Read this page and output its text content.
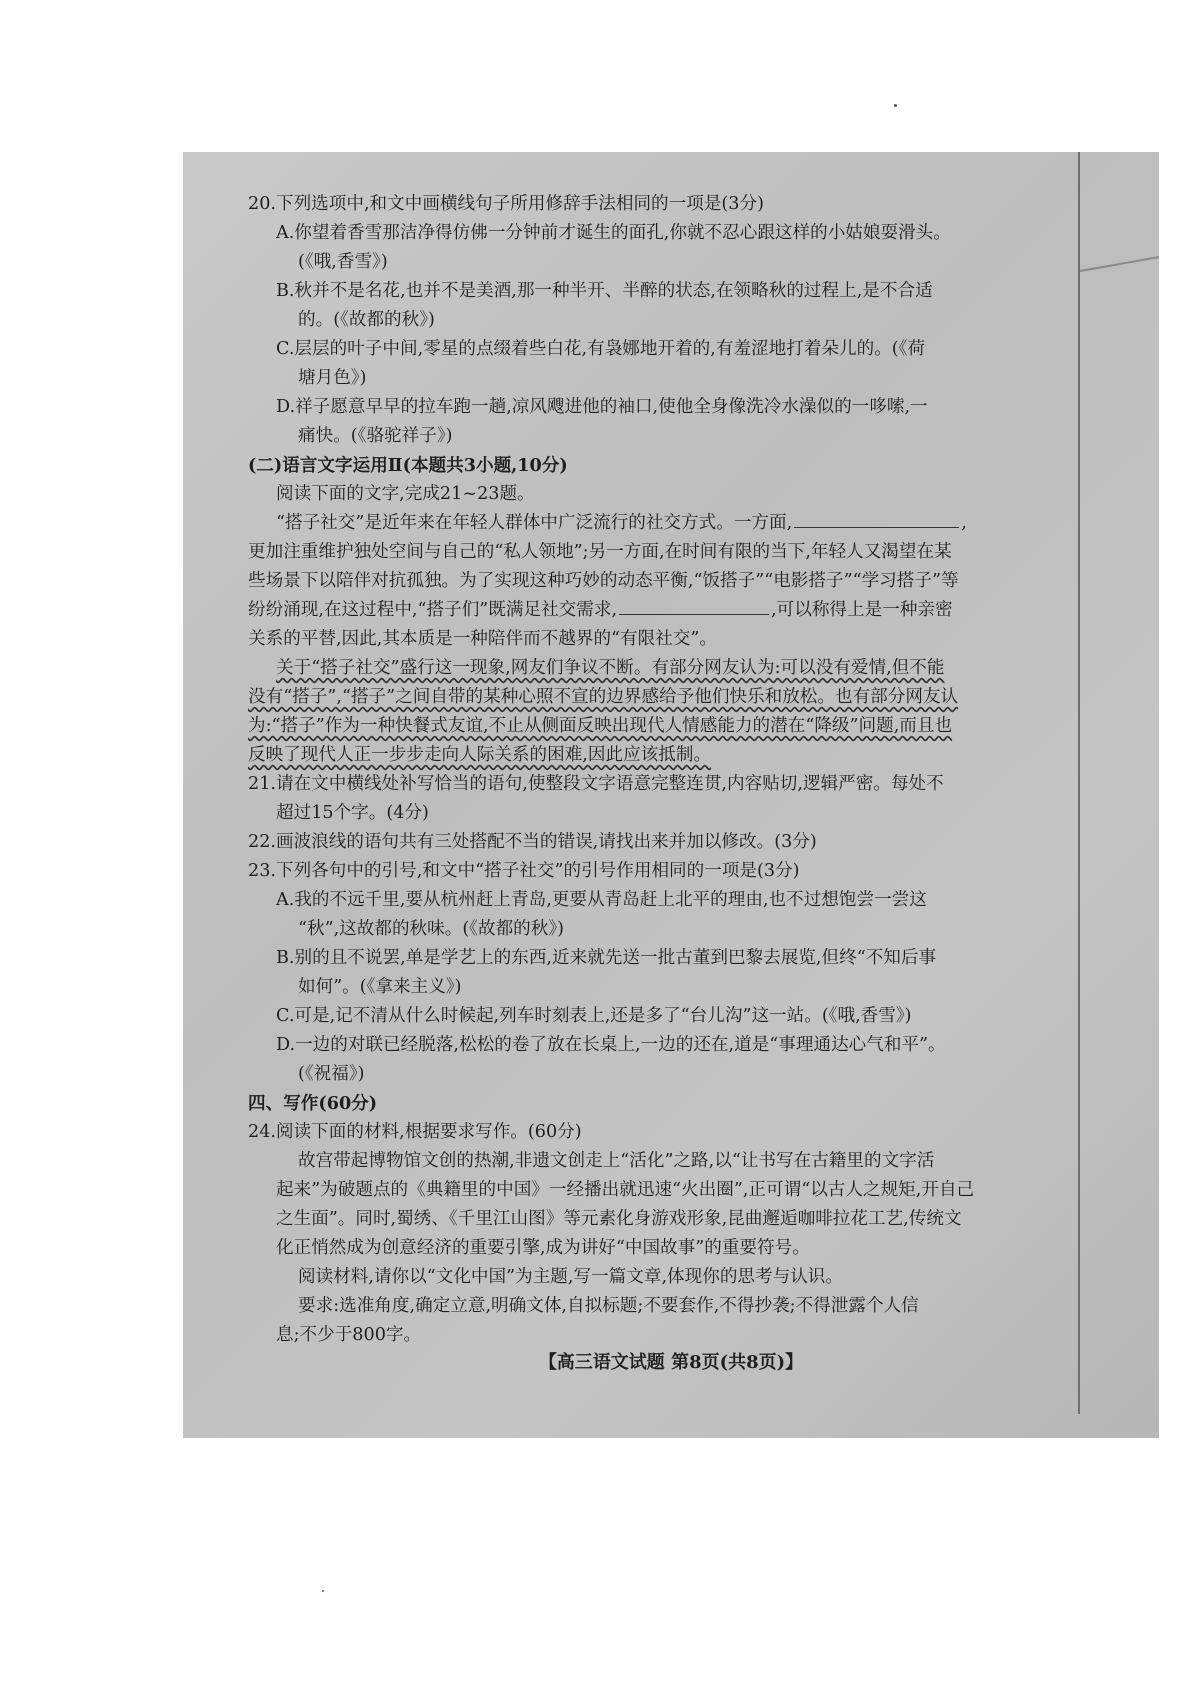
20.下列选项中,和文中画横线句子所用修辞手法相同的一项是(3分)

A.你望着香雪那洁净得仿佛一分钟前才诞生的面孔,你就不忍心跟这样的小姑娘耍滑头。

(《哦,香雪》)

B.秋并不是名花,也并不是美酒,那一种半开、半醉的状态,在领略秋的过程上,是不合适

的。(《故都的秋》)

C.层层的叶子中间,零星的点缀着些白花,有袅娜地开着的,有羞涩地打着朵儿的。(《荷

塘月色》)

D.祥子愿意早早的拉车跑一趟,凉风飕进他的袖口,使他全身像洗冷水澡似的一哆嗦,一

痛快。(《骆驼祥子》)

(二)语言文字运用Ⅱ(本题共3小题,10分)

阅读下面的文字,完成21~23题。

“搭子社交”是近年来在年轻人群体中广泛流行的社交方式。一方面,	,

更加注重维护独处空间与自己的“私人领地”;另一方面,在时间有限的当下,年轻人又渴望在某

些场景下以陪伴对抗孤独。为了实现这种巧妙的动态平衡,“饭搭子”“电影搭子”“学习搭子”等

纷纷涌现,在这过程中,“搭子们”既满足社交需求,	,可以称得上是一种亲密

关系的平替,因此,其本质是一种陪伴而不越界的“有限社交”。

关于“搭子社交”盛行这一现象,网友们争议不断。有部分网友认为:可以没有爱情,但不能

没有“搭子”,“搭子”之间自带的某种心照不宣的边界感给予他们快乐和放松。也有部分网友认

为:“搭子”作为一种快餐式友谊,不止从侧面反映出现代人情感能力的潜在“降级”问题,而且也

反映了现代人正一步步走向人际关系的困难,因此应该抵制。

21.请在文中横线处补写恰当的语句,使整段文字语意完整连贯,内容贴切,逻辑严密。每处不

超过15个字。(4分)

22.画波浪线的语句共有三处搭配不当的错误,请找出来并加以修改。(3分)

23.下列各句中的引号,和文中“搭子社交”的引号作用相同的一项是(3分)

A.我的不远千里,要从杭州赶上青岛,更要从青岛赶上北平的理由,也不过想饱尝一尝这

“秋”,这故都的秋味。(《故都的秋》)

B.别的且不说罢,单是学艺上的东西,近来就先送一批古董到巴黎去展览,但终“不知后事

如何”。(《拿来主义》)

C.可是,记不清从什么时候起,列车时刻表上,还是多了“台儿沟”这一站。(《哦,香雪》)

D.一边的对联已经脱落,松松的卷了放在长桌上,一边的还在,道是“事理通达心气和平”。

(《祝福》)

四、写作(60分)

24.阅读下面的材料,根据要求写作。(60分)

故宫带起博物馆文创的热潮,非遗文创走上“活化”之路,以“让书写在古籍里的文字活

起来”为破题点的《典籍里的中国》一经播出就迅速“火出圈”,正可谓“以古人之规矩,开自己

之生面”。同时,蜀绣、《千里江山图》等元素化身游戏形象,昆曲邂逅咖啡拉花工艺,传统文

化正悄然成为创意经济的重要引擎,成为讲好“中国故事”的重要符号。

阅读材料,请你以“文化中国”为主题,写一篇文章,体现你的思考与认识。

要求:选准角度,确定立意,明确文体,自拟标题;不要套作,不得抄袭;不得泄露个人信

息;不少于800字。

【高三语文试题 第8页(共8页)】
